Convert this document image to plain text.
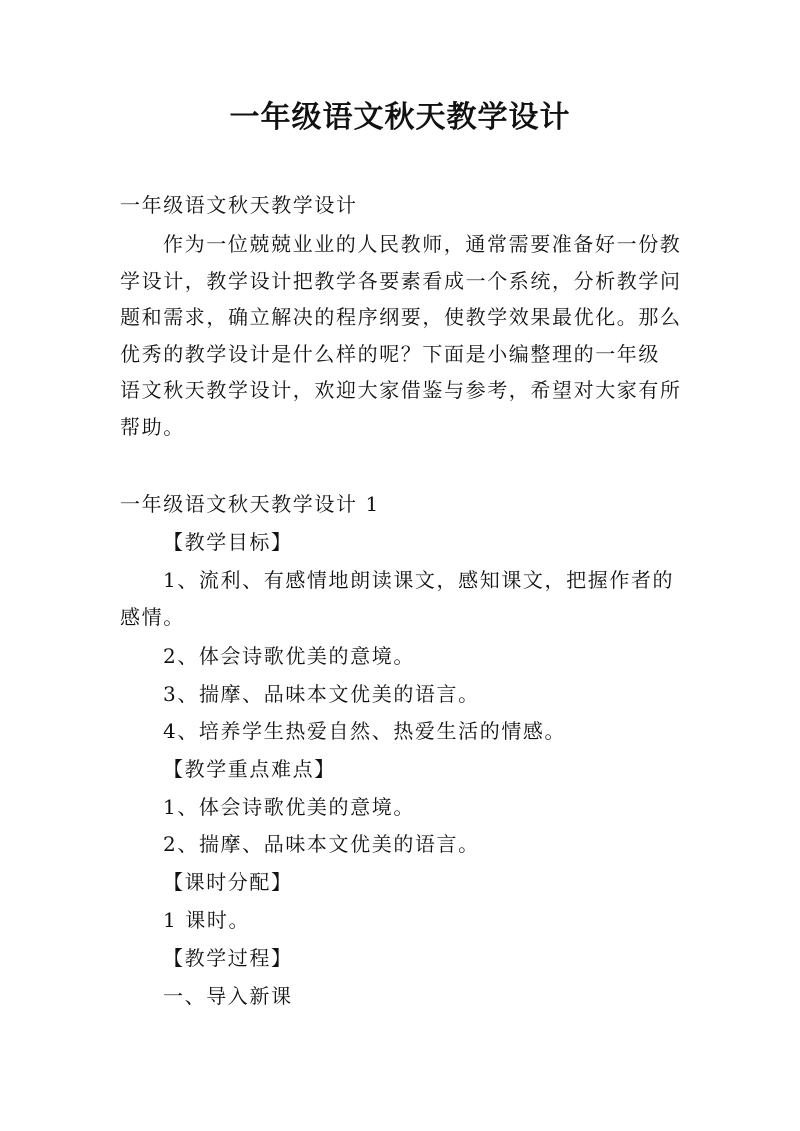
一年级语文秋天教学设计
一年级语文秋天教学设计
作为一位兢兢业业的人民教师，通常需要准备好一份教
学设计，教学设计把教学各要素看成一个系统，分析教学问
题和需求，确立解决的程序纲要，使教学效果最优化。那么
优秀的教学设计是什么样的呢？下面是小编整理的一年级
语文秋天教学设计，欢迎大家借鉴与参考，希望对大家有所
帮助。
一年级语文秋天教学设计 1
【教学目标】
1、流利、有感情地朗读课文，感知课文，把握作者的
感情。
2、体会诗歌优美的意境。
3、揣摩、品味本文优美的语言。
4、培养学生热爱自然、热爱生活的情感。
【教学重点难点】
1、体会诗歌优美的意境。
2、揣摩、品味本文优美的语言。
【课时分配】
1 课时。
【教学过程】
一、导入新课
